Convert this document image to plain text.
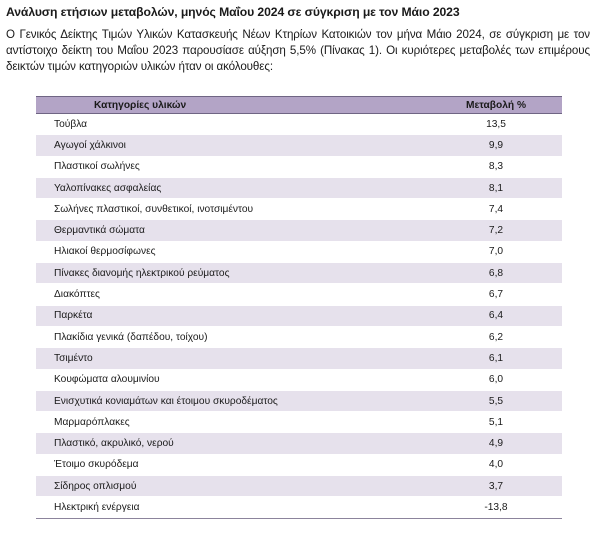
Ανάλυση ετήσιων μεταβολών, μηνός Μαΐου 2024 σε σύγκριση με τον Μάιο 2023
Ο Γενικός Δείκτης Τιμών Υλικών Κατασκευής Νέων Κτηρίων Κατοικιών τον μήνα Μάιο 2024, σε σύγκριση με τον
αντίστοιχο δείκτη του Μαΐου 2023 παρουσίασε αύξηση 5,5% (Πίνακας 1). Οι κυριότερες μεταβολές των επιμέρους
δεικτών τιμών κατηγοριών υλικών ήταν οι ακόλουθες:
Κατηγορίες υλικών	Μεταβολή %
Τούβλα	13,5
Αγωγοί χάλκινοι	9,9
Πλαστικοί σωλήνες	8,3
Υαλοπίνακες ασφαλείας	8,1
Σωλήνες πλαστικοί, συνθετικοί, ινοτσιμέντου	7,4
Θερμαντικά σώματα	7,2
Ηλιακοί θερμοσίφωνες	7,0
Πίνακες διανομής ηλεκτρικού ρεύματος	6,8
Διακόπτες	6,7
Παρκέτα	6,4
Πλακίδια γενικά (δαπέδου, τοίχου)	6,2
Τσιμέντο	6,1
Κουφώματα αλουμινίου	6,0
Ενισχυτικά κονιαμάτων και έτοιμου σκυροδέματος	5,5
Μαρμαρόπλακες	5,1
Πλαστικό, ακρυλικό, νερού	4,9
Έτοιμο σκυρόδεμα	4,0
Σίδηρος οπλισμού	3,7
Ηλεκτρική ενέργεια	-13,8
